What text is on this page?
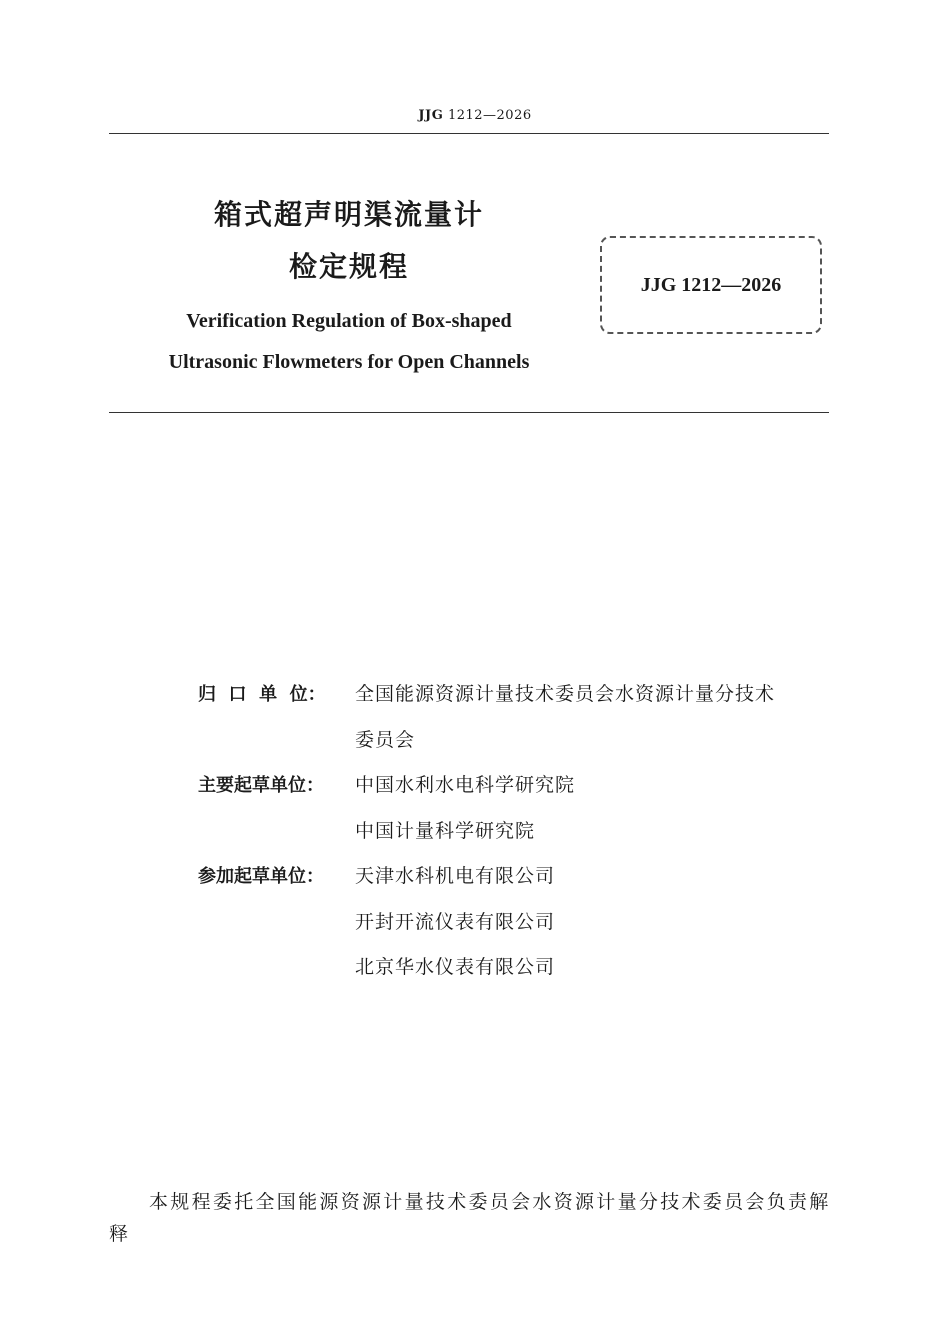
JJG 1212—2026
箱式超声明渠流量计
检定规程
Verification Regulation of Box-shaped
Ultrasonic Flowmeters for Open Channels
JJG 1212—2026
归  口  单  位：	全国能源资源计量技术委员会水资源计量分技术
委员会
主要起草单位：	中国水利水电科学研究院
中国计量科学研究院
参加起草单位：	天津水科机电有限公司
开封开流仪表有限公司
北京华水仪表有限公司
本规程委托全国能源资源计量技术委员会水资源计量分技术委员会负责解释
